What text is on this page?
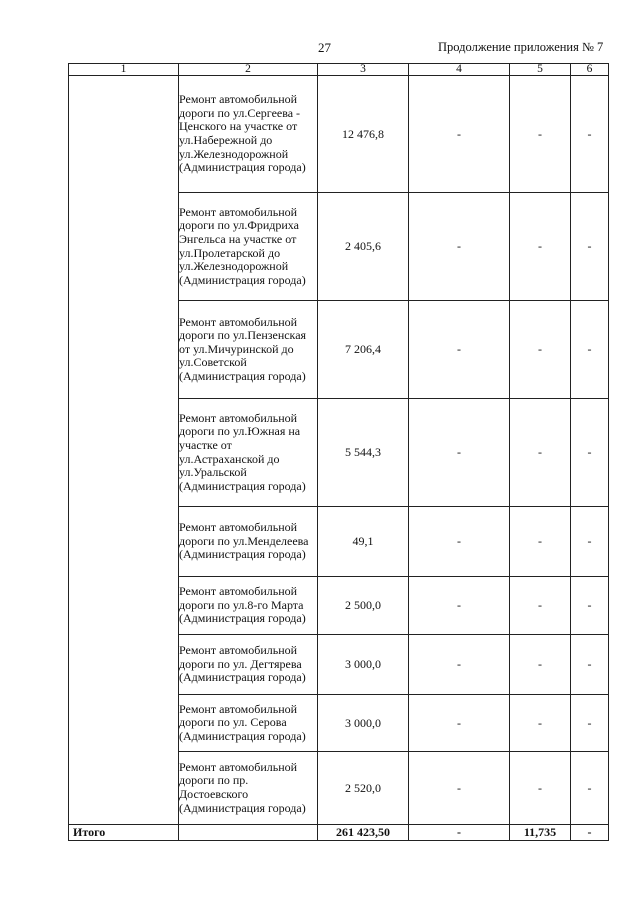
27	Продолжение приложения № 7
1	2	3	4	5	6
	Ремонт автомобильной дороги по ул.Сергеева - Ценского на участке от ул.Набережной до ул.Железнодорожной (Администрация города)	12 476,8	-	-	-
	Ремонт автомобильной дороги по ул.Фридриха Энгельса на участке от ул.Пролетарской до ул.Железнодорожной (Администрация города)	2 405,6	-	-	-
	Ремонт автомобильной дороги по ул.Пензенская от ул.Мичуринской до ул.Советской (Администрация города)	7 206,4	-	-	-
	Ремонт автомобильной дороги по ул.Южная на участке от ул.Астраханской до ул.Уральской (Администрация города)	5 544,3	-	-	-
	Ремонт автомобильной дороги по ул.Менделеева (Администрация города)	49,1	-	-	-
	Ремонт автомобильной дороги по ул.8-го Марта (Администрация города)	2 500,0	-	-	-
	Ремонт автомобильной дороги по ул. Дегтярева (Администрация города)	3 000,0	-	-	-
	Ремонт автомобильной дороги по ул. Серова (Администрация города)	3 000,0	-	-	-
	Ремонт автомобильной дороги по пр. Достоевского (Администрация города)	2 520,0	-	-	-
Итого		261 423,50	-	11,735	-
